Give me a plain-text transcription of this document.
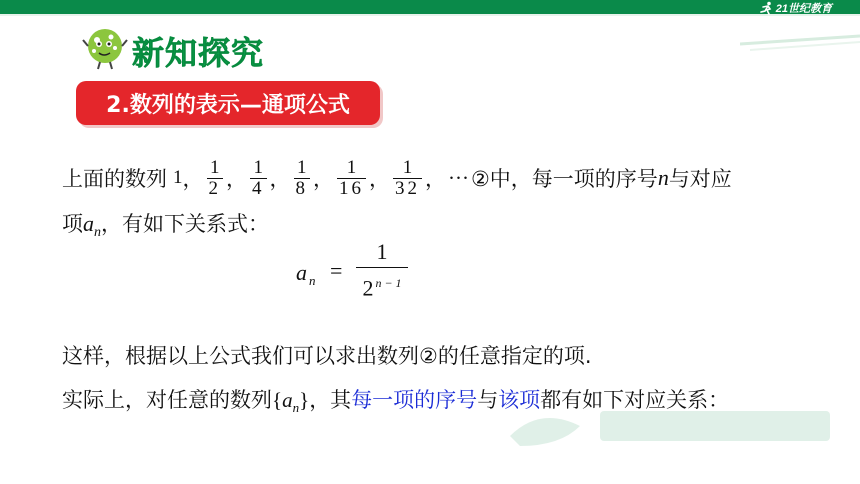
21世纪教育
新知探究
2.数列的表示—通项公式
上面的数列 1 ， $\frac{1}{2}$ ， $\frac{1}{4}$ ， $\frac{1}{8}$ ， $\frac{1}{16}$ ， $\frac{1}{32}$ ， ··· ②中，每一项的序号 n 与对应
项$a_n$，有如下关系式：
a $_n$ =
1
2 $^{n - 1}$
这样，根据以上公式我们可以求出数列②的任意指定的项.
实际上，对任意的数列$\{a_n\}$，其每一项的序号与该项都有如下对应关系：
